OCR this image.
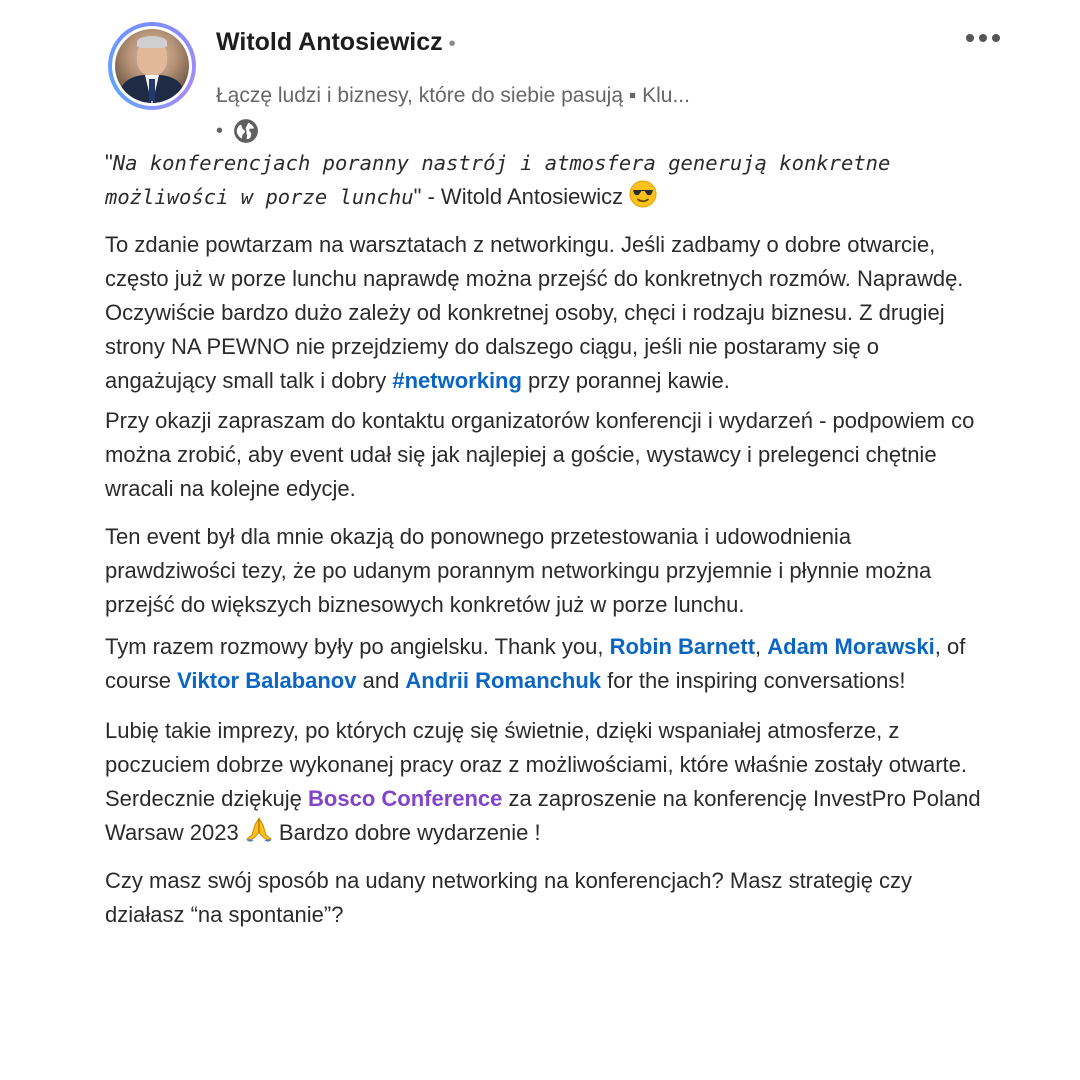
Witold Antosiewicz •
Łączę ludzi i biznesy, które do siebie pasują ▪ Klu...
•

"Na konferencjach poranny nastrój i atmosfera generują konkretne możliwości w porze lunchu" - Witold Antosiewicz

To zdanie powtarzam na warsztatach z networkingu. Jeśli zadbamy o dobre otwarcie, często już w porze lunchu naprawdę można przejść do konkretnych rozmów. Naprawdę. Oczywiście bardzo dużo zależy od konkretnej osoby, chęci i rodzaju biznesu. Z drugiej strony NA PEWNO nie przejdziemy do dalszego ciągu, jeśli nie postaramy się o angażujący small talk i dobry #networking przy porannej kawie.

Przy okazji zapraszam do kontaktu organizatorów konferencji i wydarzeń - podpowiem co można zrobić, aby event udał się jak najlepiej a goście, wystawcy i prelegenci chętnie wracali na kolejne edycje.

Ten event był dla mnie okazją do ponownego przetestowania i udowodnienia prawdziwości tezy, że po udanym porannym networkingu przyjemnie i płynnie można przejść do większych biznesowych konkretów już w porze lunchu.

Tym razem rozmowy były po angielsku. Thank you, Robin Barnett, Adam Morawski, of course Viktor Balabanov and Andrii Romanchuk for the inspiring conversations!

Lubię takie imprezy, po których czuję się świetnie, dzięki wspaniałej atmosferze, z poczuciem dobrze wykonanej pracy oraz z możliwościami, które właśnie zostały otwarte.

Serdecznie dziękuję Bosco Conference za zaproszenie na konferencję InvestPro Poland Warsaw 2023  Bardzo dobre wydarzenie !

Czy masz swój sposób na udany networking na konferencjach? Masz strategię czy działasz “na spontanie”?
